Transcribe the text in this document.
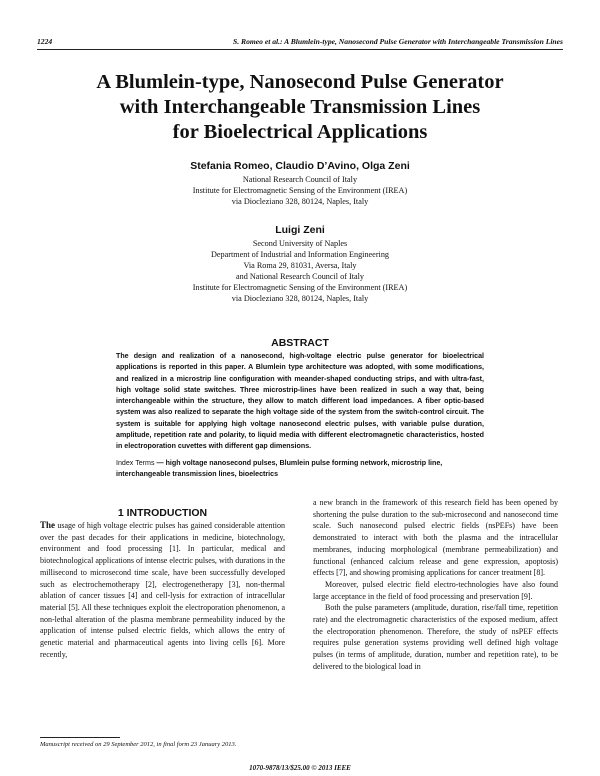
1224	S. Romeo et al.: A Blumlein-type, Nanosecond Pulse Generator with Interchangeable Transmission Lines
A Blumlein-type, Nanosecond Pulse Generator
with Interchangeable Transmission Lines
for Bioelectrical Applications
Stefania Romeo, Claudio D’Avino, Olga Zeni
National Research Council of Italy
Institute for Electromagnetic Sensing of the Environment (IREA)
via Diocleziano 328, 80124, Naples, Italy
Luigi Zeni
Second University of Naples
Department of Industrial and Information Engineering
Via Roma 29, 81031, Aversa, Italy
and National Research Council of Italy
Institute for Electromagnetic Sensing of the Environment (IREA)
via Diocleziano 328, 80124, Naples, Italy
ABSTRACT
The design and realization of a nanosecond, high-voltage electric pulse generator for bioelectrical applications is reported in this paper. A Blumlein type architecture was adopted, with some modifications, and realized in a microstrip line configuration with meander-shaped conducting strips, and with ultra-fast, high voltage solid state switches. Three microstrip-lines have been realized in such a way that, being interchangeable within the structure, they allow to match different load impedances. A fiber optic-based system was also realized to separate the high voltage side of the system from the switch-control circuit. The system is suitable for applying high voltage nanosecond electric pulses, with variable pulse duration, amplitude, repetition rate and polarity, to liquid media with different electromagnetic characteristics, hosted in electroporation cuvettes with different gap dimensions.
Index Terms — high voltage nanosecond pulses, Blumlein pulse forming network, microstrip line, interchangeable transmission lines, bioelectrics
1 INTRODUCTION

The usage of high voltage electric pulses has gained considerable attention over the past decades for their applications in medicine, biotechnology, environment and food processing [1]. In particular, medical and biotechnological applications of intense electric pulses, with durations in the millisecond to microsecond time scale, have been successfully developed such as electrochemotherapy [2], electrogenetherapy [3], non-thermal ablation of cancer tissues [4] and cell-lysis for extraction of intracellular material [5]. All these techniques exploit the electroporation phenomenon, a non-lethal alteration of the plasma membrane permeability induced by the application of intense pulsed electric fields, which allows the entry of genetic material and pharmaceutical agents into living cells [6]. More recently,

a new branch in the framework of this research field has been opened by shortening the pulse duration to the sub-microsecond and nanosecond time scale. Such nanosecond pulsed electric fields (nsPEFs) have been demonstrated to interact with both the plasma and the intracellular membranes, inducing morphological (membrane permeabilization) and functional (enhanced calcium release and gene expression, apoptosis) effects [7], and showing promising applications for cancer treatment [8].

Moreover, pulsed electric field electro-technologies have also found large acceptance in the field of food processing and preservation [9].

Both the pulse parameters (amplitude, duration, rise/fall time, repetition rate) and the electromagnetic characteristics of the exposed medium, affect the electroporation phenomenon. Therefore, the study of nsPEF effects requires pulse generation systems providing well defined high voltage pulses (in terms of amplitude, duration, number and repetition rate), to be delivered to the biological load in

Manuscript received on 29 September 2012, in final form 23 January 2013.
1070-9878/13/$25.00 © 2013 IEEE
